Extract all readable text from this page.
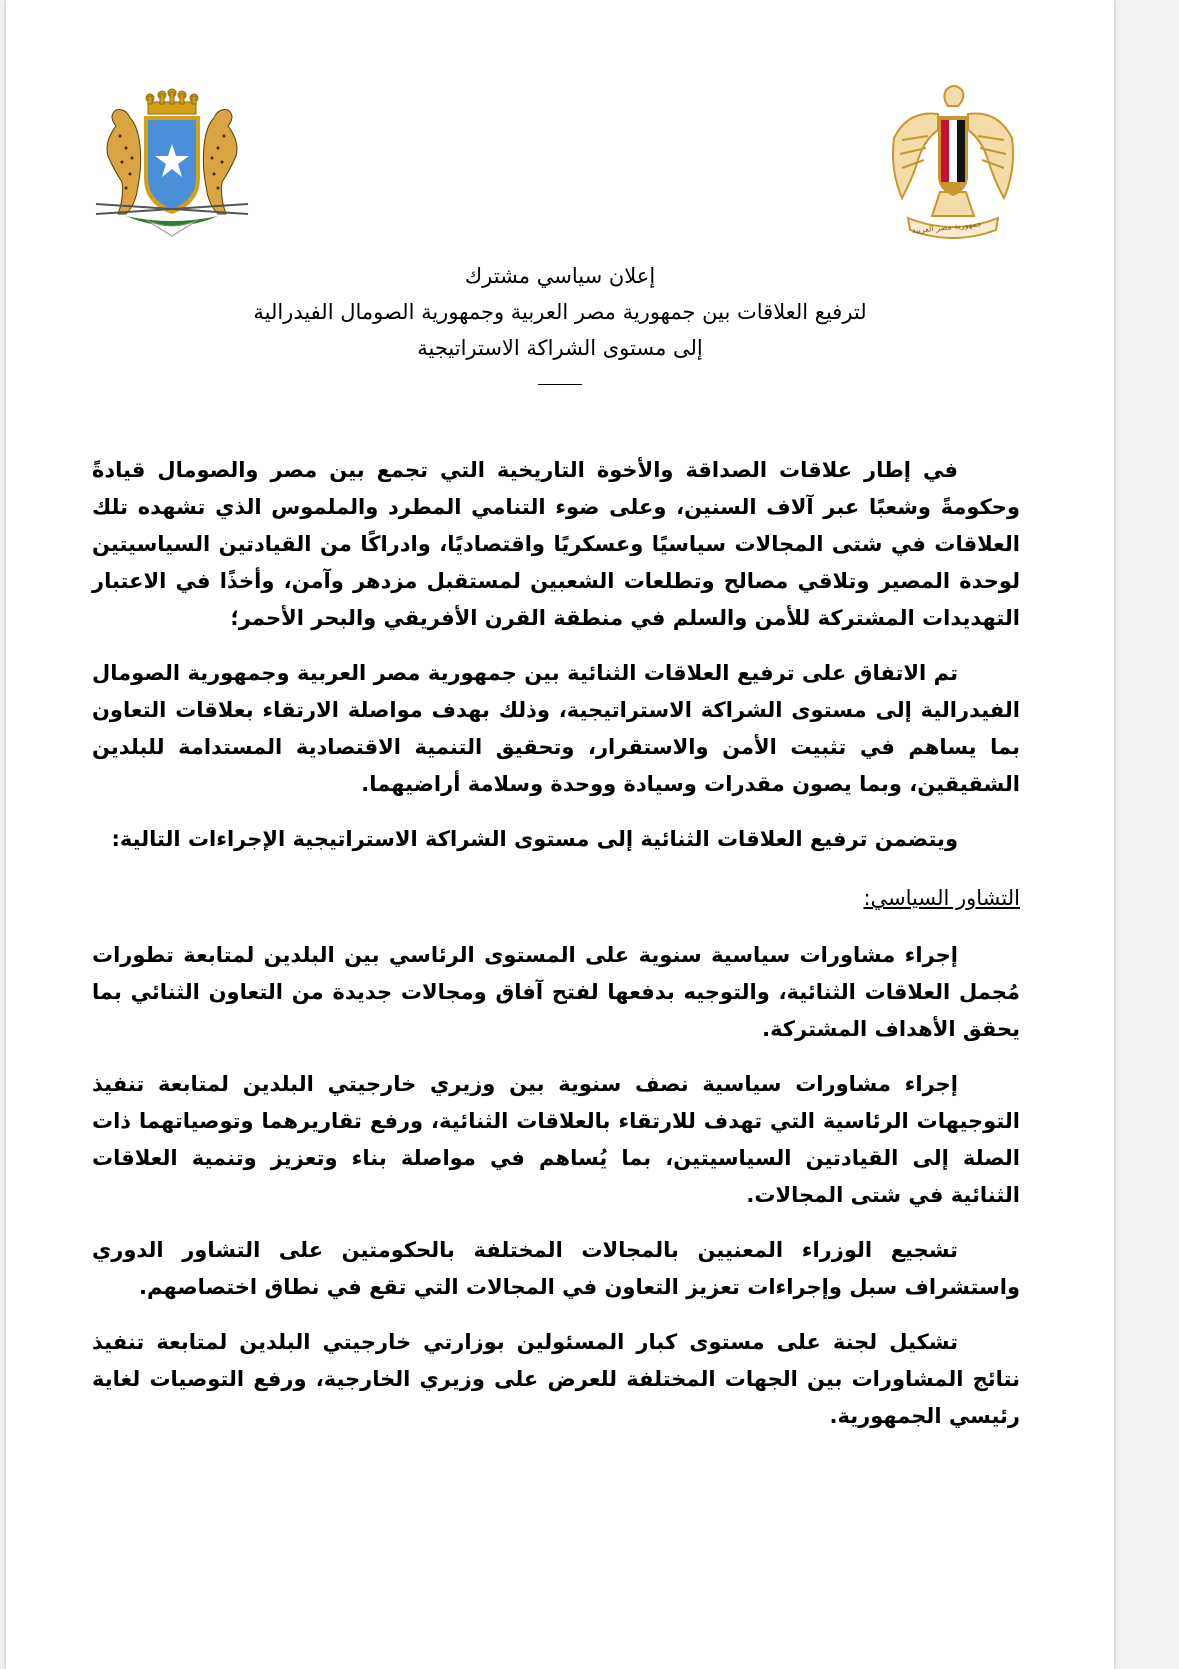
جمهورية مصر العربية
إعلان سياسي مشترك
لترفيع العلاقات بين جمهورية مصر العربية وجمهورية الصومال الفيدرالية
إلى مستوى الشراكة الاستراتيجية

في إطار علاقات الصداقة والأخوة التاريخية التي تجمع بين مصر والصومال قيادةً وحكومةً وشعبًا عبر آلاف السنين، وعلى ضوء التنامي المطرد والملموس الذي تشهده تلك العلاقات في شتى المجالات سياسيًا وعسكريًا واقتصاديًا، وادراكًا من القيادتين السياسيتين لوحدة المصير وتلاقي مصالح وتطلعات الشعبين لمستقبل مزدهر وآمن، وأخذًا في الاعتبار التهديدات المشتركة للأمن والسلم في منطقة القرن الأفريقي والبحر الأحمر؛

تم الاتفاق على ترفيع العلاقات الثنائية بين جمهورية مصر العربية وجمهورية الصومال الفيدرالية إلى مستوى الشراكة الاستراتيجية، وذلك بهدف مواصلة الارتقاء بعلاقات التعاون بما يساهم في تثبيت الأمن والاستقرار، وتحقيق التنمية الاقتصادية المستدامة للبلدين الشقيقين، وبما يصون مقدرات وسيادة ووحدة وسلامة أراضيهما.

ويتضمن ترفيع العلاقات الثنائية إلى مستوى الشراكة الاستراتيجية الإجراءات التالية:

التشاور السياسي:

إجراء مشاورات سياسية سنوية على المستوى الرئاسي بين البلدين لمتابعة تطورات مُجمل العلاقات الثنائية، والتوجيه بدفعها لفتح آفاق ومجالات جديدة من التعاون الثنائي بما يحقق الأهداف المشتركة.

إجراء مشاورات سياسية نصف سنوية بين وزيري خارجيتي البلدين لمتابعة تنفيذ التوجيهات الرئاسية التي تهدف للارتقاء بالعلاقات الثنائية، ورفع تقاريرهما وتوصياتهما ذات الصلة إلى القيادتين السياسيتين، بما يُساهم في مواصلة بناء وتعزيز وتنمية العلاقات الثنائية في شتى المجالات.

تشجيع الوزراء المعنيين بالمجالات المختلفة بالحكومتين على التشاور الدوري واستشراف سبل وإجراءات تعزيز التعاون في المجالات التي تقع في نطاق اختصاصهم.

تشكيل لجنة على مستوى كبار المسئولين بوزارتي خارجيتي البلدين لمتابعة تنفيذ نتائج المشاورات بين الجهات المختلفة للعرض على وزيري الخارجية، ورفع التوصيات لغاية رئيسي الجمهورية.
